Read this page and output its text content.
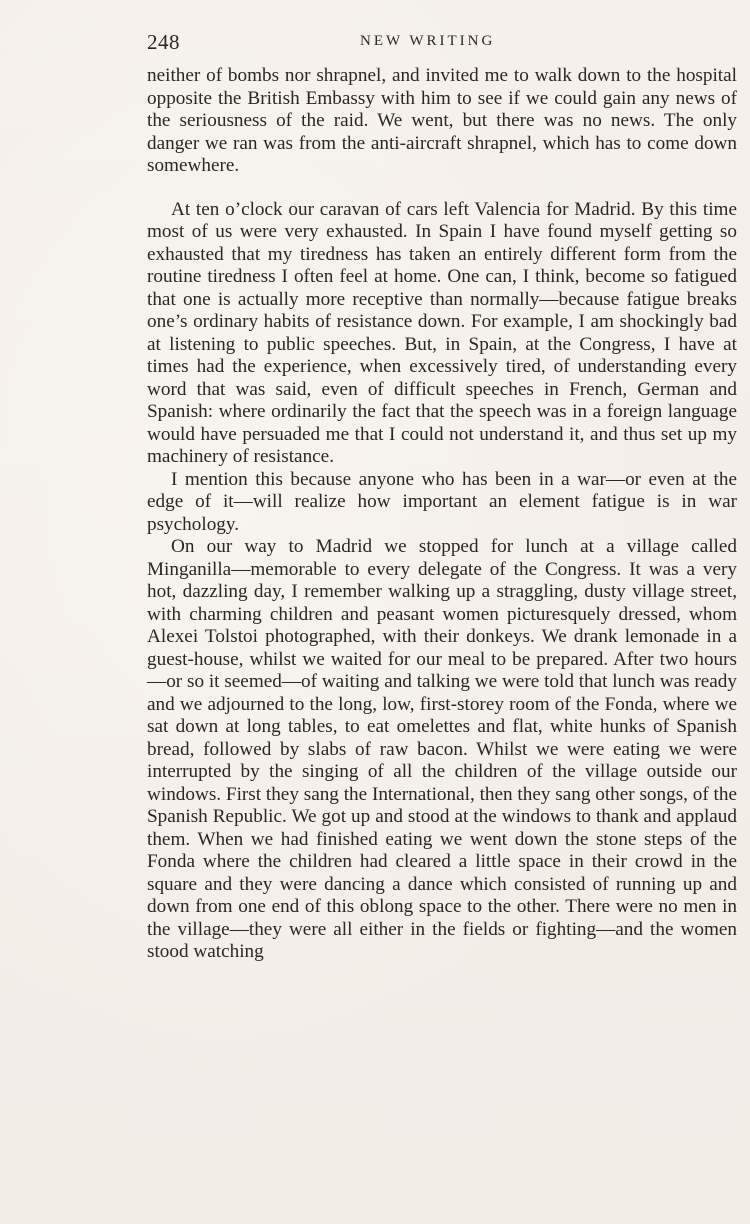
248	NEW WRITING

neither of bombs nor shrapnel, and invited me to walk down to the hospital opposite the British Embassy with him to see if we could gain any news of the seriousness of the raid. We went, but there was no news. The only danger we ran was from the anti-aircraft shrapnel, which has to come down somewhere.

At ten o’clock our caravan of cars left Valencia for Madrid. By this time most of us were very exhausted. In Spain I have found myself getting so exhausted that my tiredness has taken an entirely different form from the routine tiredness I often feel at home. One can, I think, become so fatigued that one is actually more receptive than normally—because fatigue breaks one’s ordinary habits of resistance down. For example, I am shockingly bad at listening to public speeches. But, in Spain, at the Congress, I have at times had the experience, when excessively tired, of understanding every word that was said, even of difficult speeches in French, German and Spanish: where ordinarily the fact that the speech was in a foreign language would have persuaded me that I could not understand it, and thus set up my machinery of resistance.

I mention this because anyone who has been in a war—or even at the edge of it—will realize how important an element fatigue is in war psychology.

On our way to Madrid we stopped for lunch at a village called Minganilla—memorable to every delegate of the Congress. It was a very hot, dazzling day, I remember walking up a straggling, dusty village street, with charming children and peasant women picturesquely dressed, whom Alexei Tolstoi photographed, with their donkeys. We drank lemonade in a guest-house, whilst we waited for our meal to be prepared. After two hours—or so it seemed—of waiting and talking we were told that lunch was ready and we adjourned to the long, low, first-storey room of the Fonda, where we sat down at long tables, to eat omelettes and flat, white hunks of Spanish bread, followed by slabs of raw bacon. Whilst we were eating we were interrupted by the singing of all the children of the village outside our windows. First they sang the International, then they sang other songs, of the Spanish Republic. We got up and stood at the windows to thank and applaud them. When we had finished eating we went down the stone steps of the Fonda where the children had cleared a little space in their crowd in the square and they were dancing a dance which consisted of running up and down from one end of this oblong space to the other. There were no men in the village—they were all either in the fields or fighting—and the women stood watching
